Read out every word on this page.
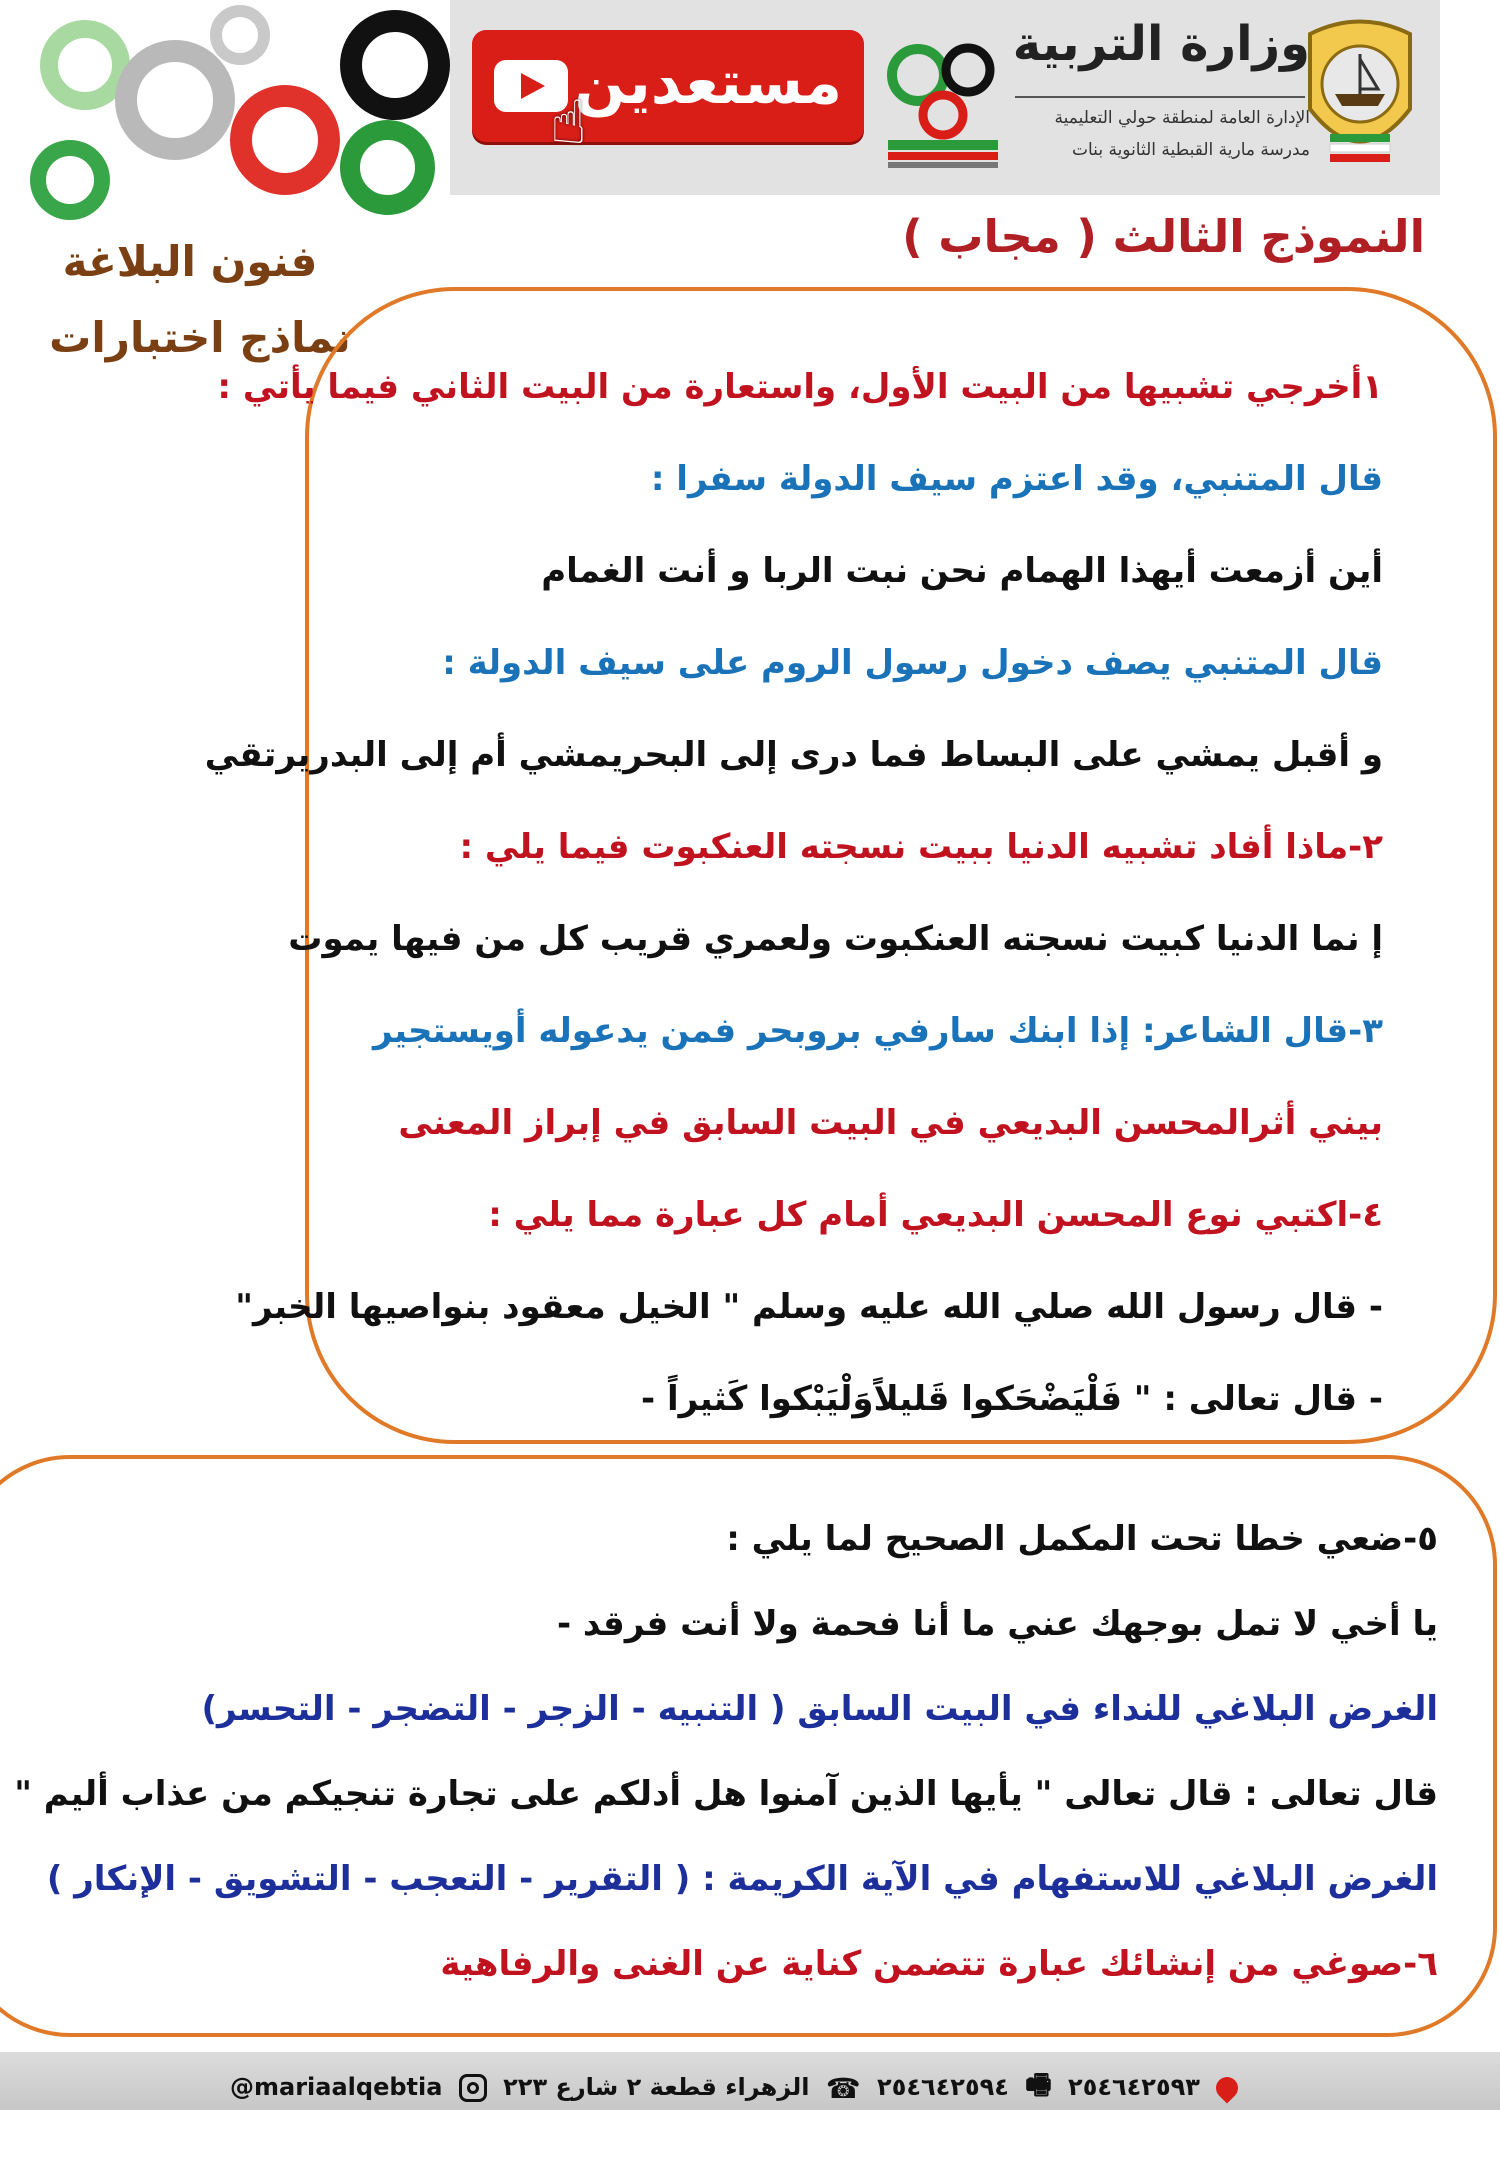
مستعدين
☝
وزارة التربية
الإدارة العامة لمنطقة حولي التعليمية
مدرسة مارية القبطية الثانوية بنات
النموذج الثالث ( مجاب )
فنون البلاغة
نماذج اختبارات
١أخرجي تشبيها من البيت الأول، واستعارة من البيت الثاني فيما يأتي :
قال المتنبي، وقد اعتزم سيف الدولة سفرا :
أين أزمعت أيهذا الهمام نحن نبت الربا و أنت الغمام
قال المتنبي يصف دخول رسول الروم على سيف الدولة :
و أقبل يمشي على البساط فما درى إلى البحريمشي أم إلى البدريرتقي
٢-ماذا أفاد تشبيه الدنيا ببيت نسجته العنكبوت فيما يلي :
إ نما الدنيا كبيت نسجته العنكبوت ولعمري قريب كل من فيها يموت
٣-قال الشاعر: إذا ابنك سارفي بروبحر فمن يدعوله أويستجير
بيني أثرالمحسن البديعي في البيت السابق في إبراز المعنى
٤-اكتبي نوع المحسن البديعي أمام كل عبارة مما يلي :
- قال رسول الله صلي الله عليه وسلم " الخيل معقود بنواصيها الخبر"
- قال تعالى : " فَلْيَضْحَكوا قَليلاًوَلْيَبْكوا كَثيراً -
٥-ضعي خطا تحت المكمل الصحيح لما يلي :
يا أخي لا تمل بوجهك عني ما أنا فحمة ولا أنت فرقد -
الغرض البلاغي للنداء في البيت السابق ( التنبيه - الزجر - التضجر - التحسر)
قال تعالى : قال تعالى " يأيها الذين آمنوا هل أدلكم على تجارة تنجيكم من عذاب أليم "
الغرض البلاغي للاستفهام في الآية الكريمة : ( التقرير - التعجب - التشويق - الإنكار )
٦-صوغي من إنشائك عبارة تتضمن كناية عن الغنى والرفاهية
@mariaalqebtia	٢٥٤٦٤٢٥٩٣ 🖷 ٢٥٤٦٤٢٥٩٤ ☎ الزهراء قطعة ٢ شارع ٢٢٣
